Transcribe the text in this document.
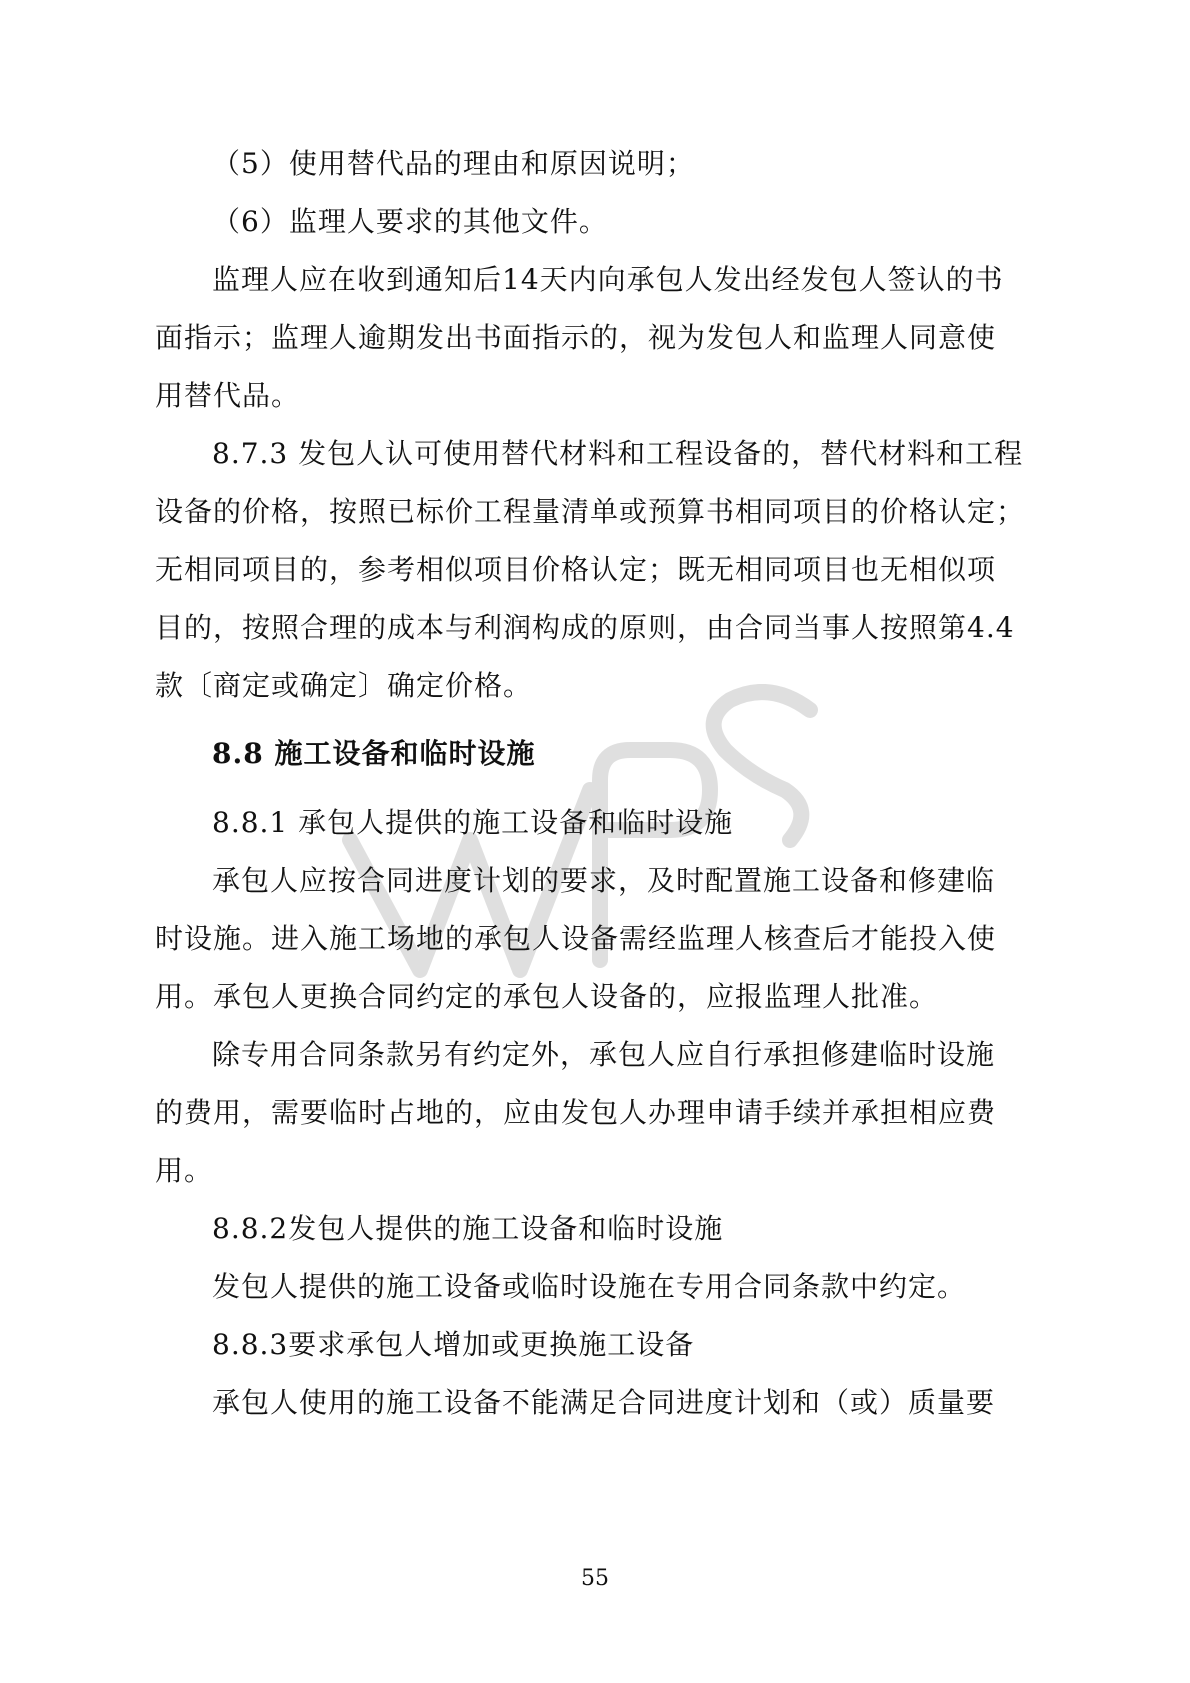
（5）使用替代品的理由和原因说明；
（6）监理人要求的其他文件。
监理人应在收到通知后14天内向承包人发出经发包人签认的书
面指示；监理人逾期发出书面指示的，视为发包人和监理人同意使
用替代品。
8.7.3 发包人认可使用替代材料和工程设备的，替代材料和工程
设备的价格，按照已标价工程量清单或预算书相同项目的价格认定；
无相同项目的，参考相似项目价格认定；既无相同项目也无相似项
目的，按照合理的成本与利润构成的原则，由合同当事人按照第4.4
款〔商定或确定〕确定价格。
8.8 施工设备和临时设施
8.8.1 承包人提供的施工设备和临时设施
承包人应按合同进度计划的要求，及时配置施工设备和修建临
时设施。进入施工场地的承包人设备需经监理人核查后才能投入使
用。承包人更换合同约定的承包人设备的，应报监理人批准。
除专用合同条款另有约定外，承包人应自行承担修建临时设施
的费用，需要临时占地的，应由发包人办理申请手续并承担相应费
用。
8.8.2发包人提供的施工设备和临时设施
发包人提供的施工设备或临时设施在专用合同条款中约定。
8.8.3要求承包人增加或更换施工设备
承包人使用的施工设备不能满足合同进度计划和（或）质量要
55
